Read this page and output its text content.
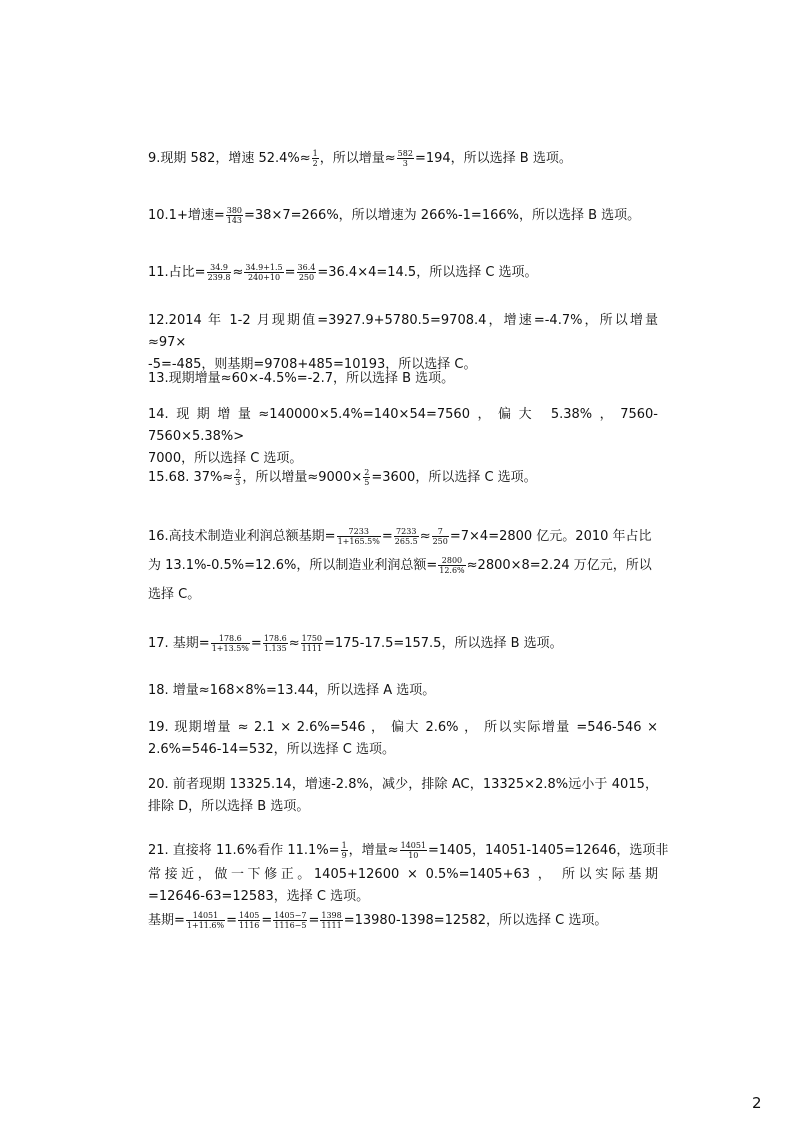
9.现期 582，增速 $52.4\%\approx \frac{1}{2}$ ，所以增量≈ $\frac{582}{3} =194$，所以选择 B 选项。
10.1+增速= $\frac{380}{143} =38\times 7=266\%$，所以增速为 266%-1=166%，所以选择 B 选项。
11.占比= $\frac{34.9}{239.8} \approx \frac{34.9+1.5}{240+10} = \frac{36.4}{250} =36.4\times 4=14.5$，所以选择 C 选项。
12.2014 年 1-2 月现期值=3927.9+5780.5=9708.4，增速=-4.7%，所以增量≈97×
-5=-485，则基期=9708+485=10193，所以选择 C。
13.现期增量≈60×-4.5%=-2.7，所以选择 B 选项。
14.现期增量≈140000×5.4%=140×54=7560，偏大 5.38%，7560-7560×5.38%>
7000，所以选择 C 选项。
15.68. $37\%\approx \frac{2}{3}$ ，所以增量$\approx 9000\times \frac{2}{5} =3600$，所以选择 C 选项。
16.高技术制造业利润总额基期= $\frac{7233}{1+165.5\%} = \frac{7233}{265.5} \approx \frac{7}{250} =7\times 4=2800$ 亿元。2010 年占比
为 13.1%-0.5%=12.6%，所以制造业利润总额= $\frac{2800}{12.6\%} \approx 2800\times 8=2.24$ 万亿元，所以
选择 C。
17. 基期= $\frac{178.6}{1+13.5\%} = \frac{178.6}{1.135} \approx \frac{1750}{1111} =175-17.5=157.5$，所以选择 B 选项。
18. 增量≈168×8%=13.44，所以选择 A 选项。
19. 现期增量 ≈ 2.1 × 2.6%=546 ， 偏大 2.6% ， 所以实际增量 =546-546 ×
2.6%=546-14=532，所以选择 C 选项。
20. 前者现期 13325.14，增速-2.8%，减少，排除 AC，13325×2.8%远小于 4015，
排除 D，所以选择 B 选项。
21. 直接将 11.6%看作 $11.1\%= \frac{1}{9}$ ，增量≈ $\frac{14051}{10} =1405$，14051-1405=12646，选项非
常接近，做一下修正。1405+12600 × 0.5%=1405+63 ， 所以实际基期
=12646-63=12583，选择 C 选项。
基期= $\frac{14051}{1+11.6\%} = \frac{1405}{1116} = \frac{1405-7}{1116-5} = \frac{1398}{1111} =13980-1398=12582$，所以选择 C 选项。
2
